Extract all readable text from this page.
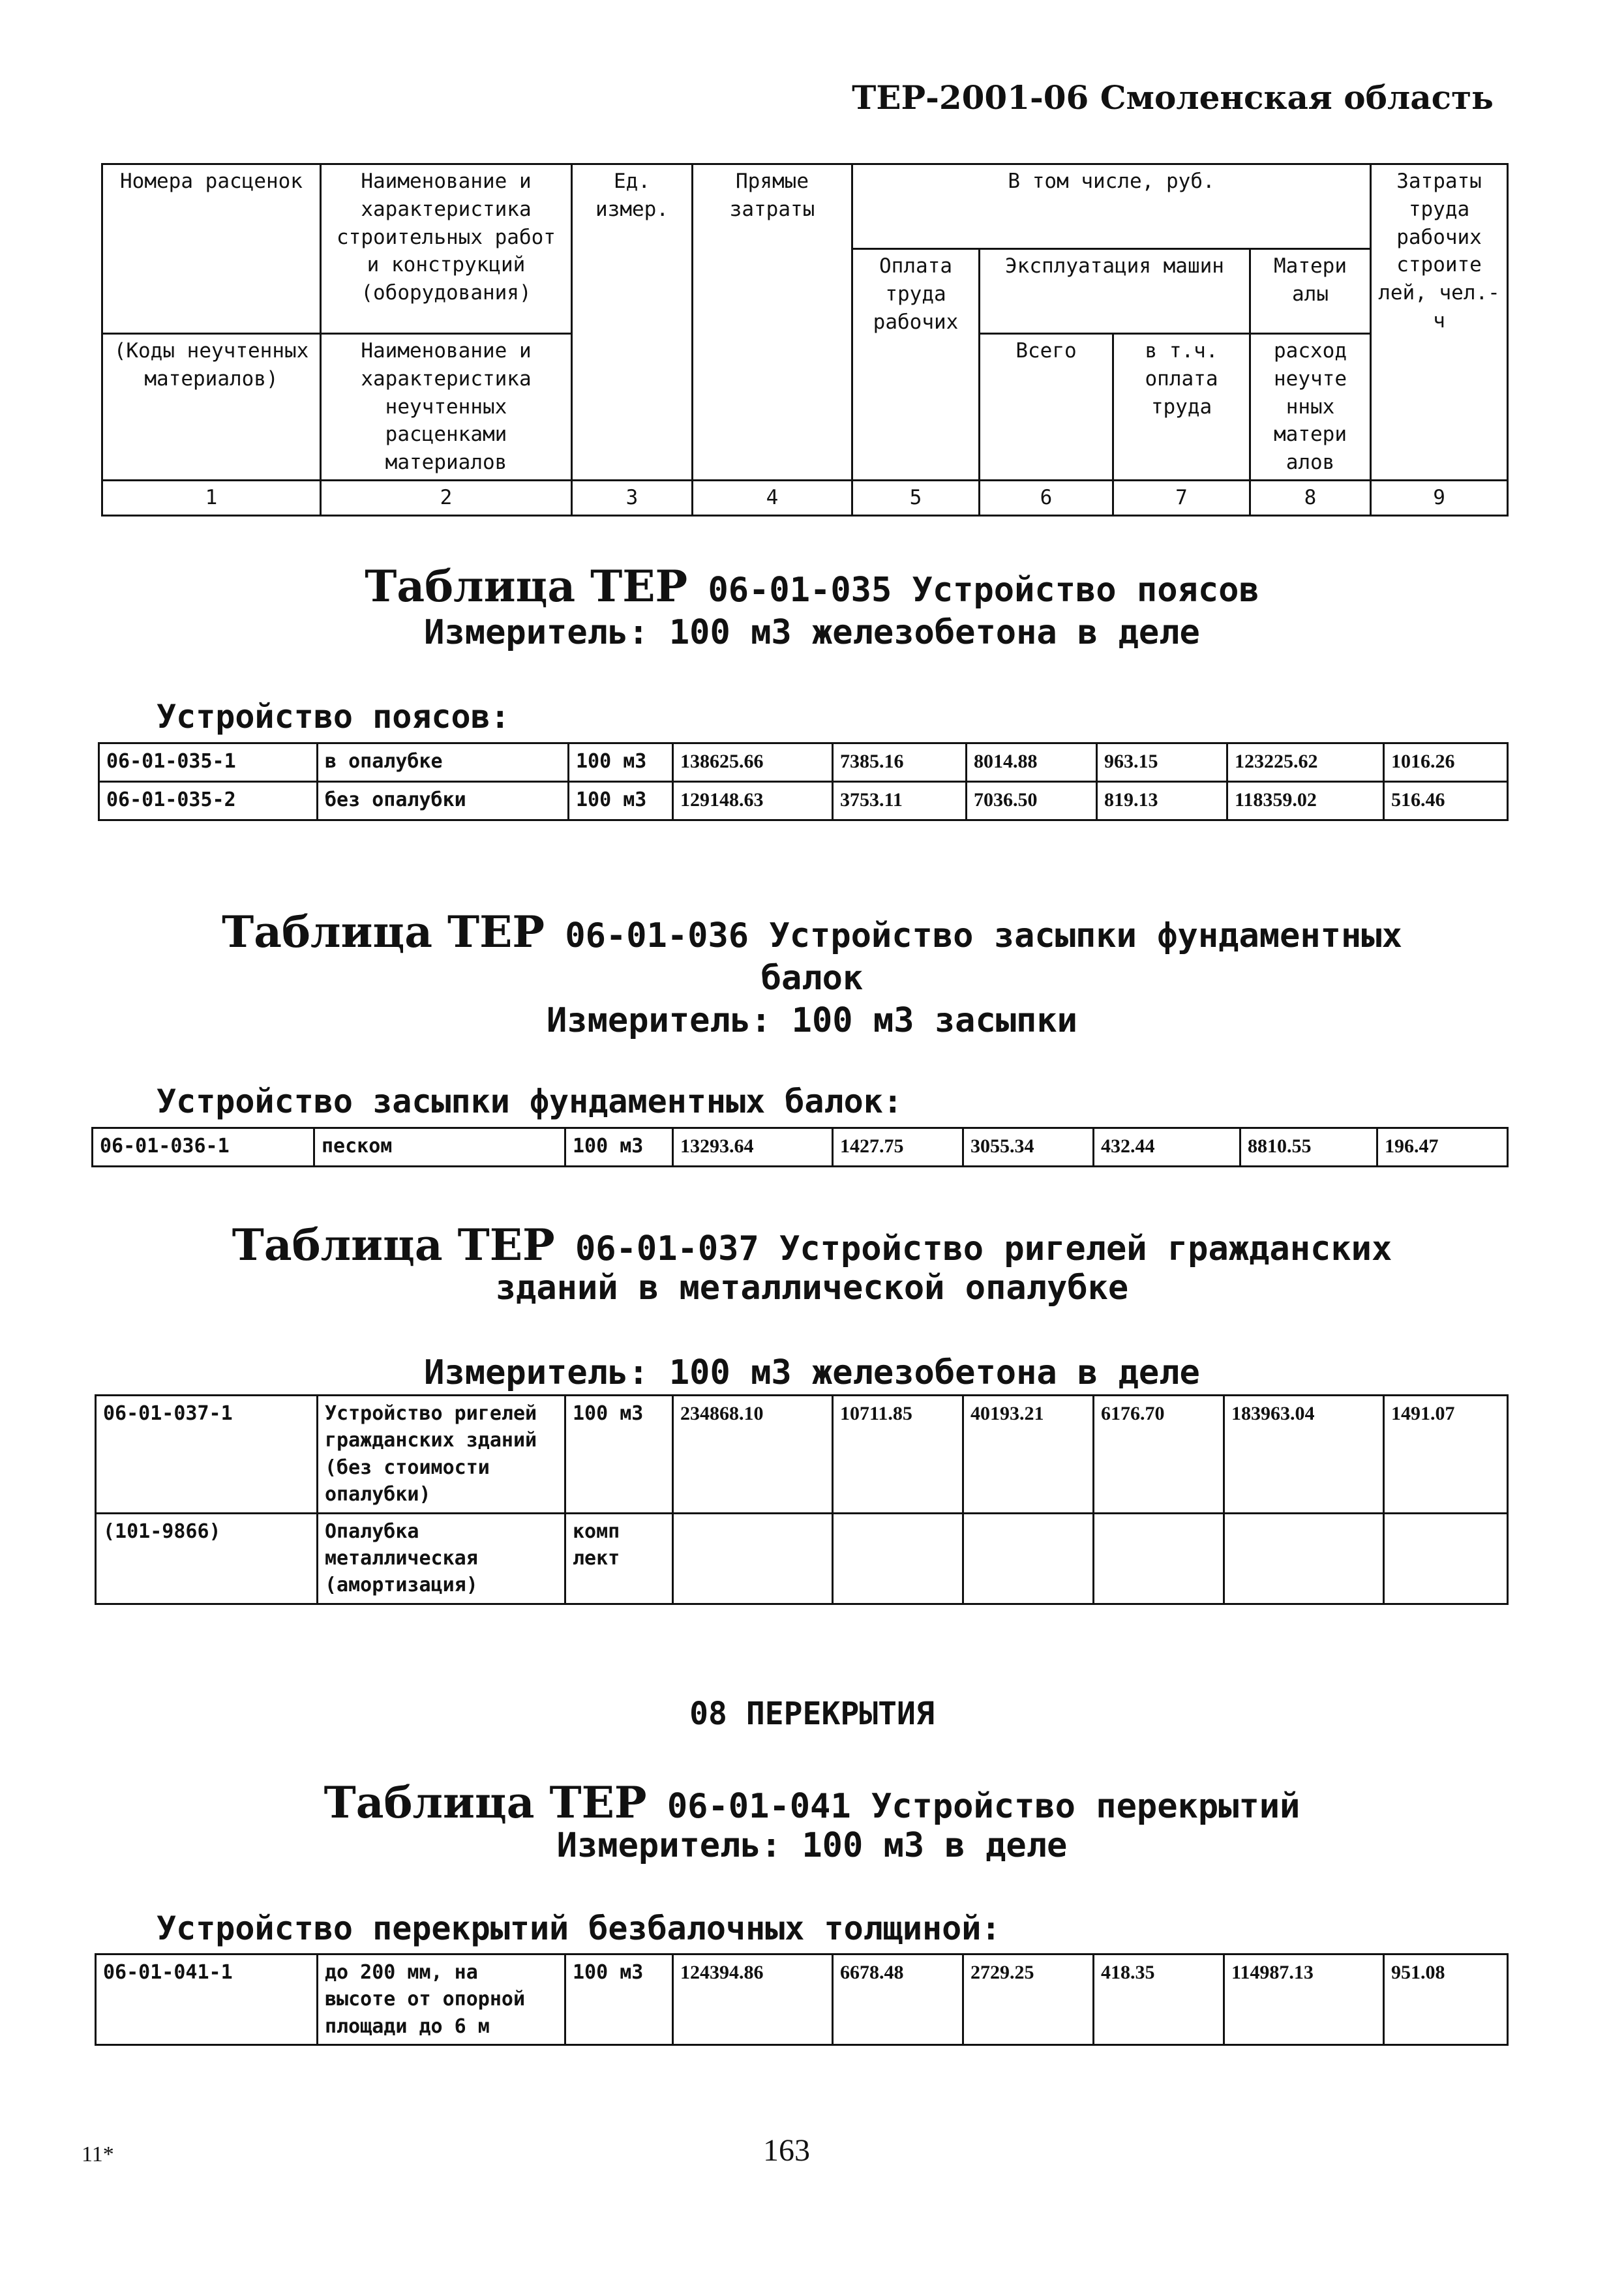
ТЕР-2001-06 Смоленская область
Номера расценок	Наименование и характеристика строительных работ и конструкций (оборудования)	Ед. измер.	Прямые затраты	В том числе, руб.				Затраты труда рабочих строите лей, чел.-ч
				Оплата труда рабочих	Эксплуатация машин		Матери алы	
(Коды неучтенных материалов)	Наименование и характеристика неучтенных расценками материалов				Всего	в т.ч. оплата труда	расход неучте нных матери алов	
1	2	3	4	5	6	7	8	9
Таблица ТЕР 06-01-035 Устройство поясов
Измеритель: 100 м3 железобетона в деле
Устройство поясов:
06-01-035-1	в опалубке	100 м3	138625.66	7385.16	8014.88	963.15	123225.62	1016.26
06-01-035-2	без опалубки	100 м3	129148.63	3753.11	7036.50	819.13	118359.02	516.46
Таблица ТЕР 06-01-036 Устройство засыпки фундаментных
балок
Измеритель: 100 м3 засыпки
Устройство засыпки фундаментных балок:
06-01-036-1	песком	100 м3	13293.64	1427.75	3055.34	432.44	8810.55	196.47
Таблица ТЕР 06-01-037 Устройство ригелей гражданских
зданий в металлической опалубке
Измеритель: 100 м3 железобетона в деле
06-01-037-1	Устройство ригелей гражданских зданий (без стоимости опалубки)	100 м3	234868.10	10711.85	40193.21	6176.70	183963.04	1491.07
(101-9866)	Опалубка металлическая (амортизация)	комп лект						
08 ПЕРЕКРЫТИЯ
Таблица ТЕР 06-01-041 Устройство перекрытий
Измеритель: 100 м3 в деле
Устройство перекрытий безбалочных толщиной:
06-01-041-1	до 200 мм, на высоте от опорной площади до 6 м	100 м3	124394.86	6678.48	2729.25	418.35	114987.13	951.08
11*	163
